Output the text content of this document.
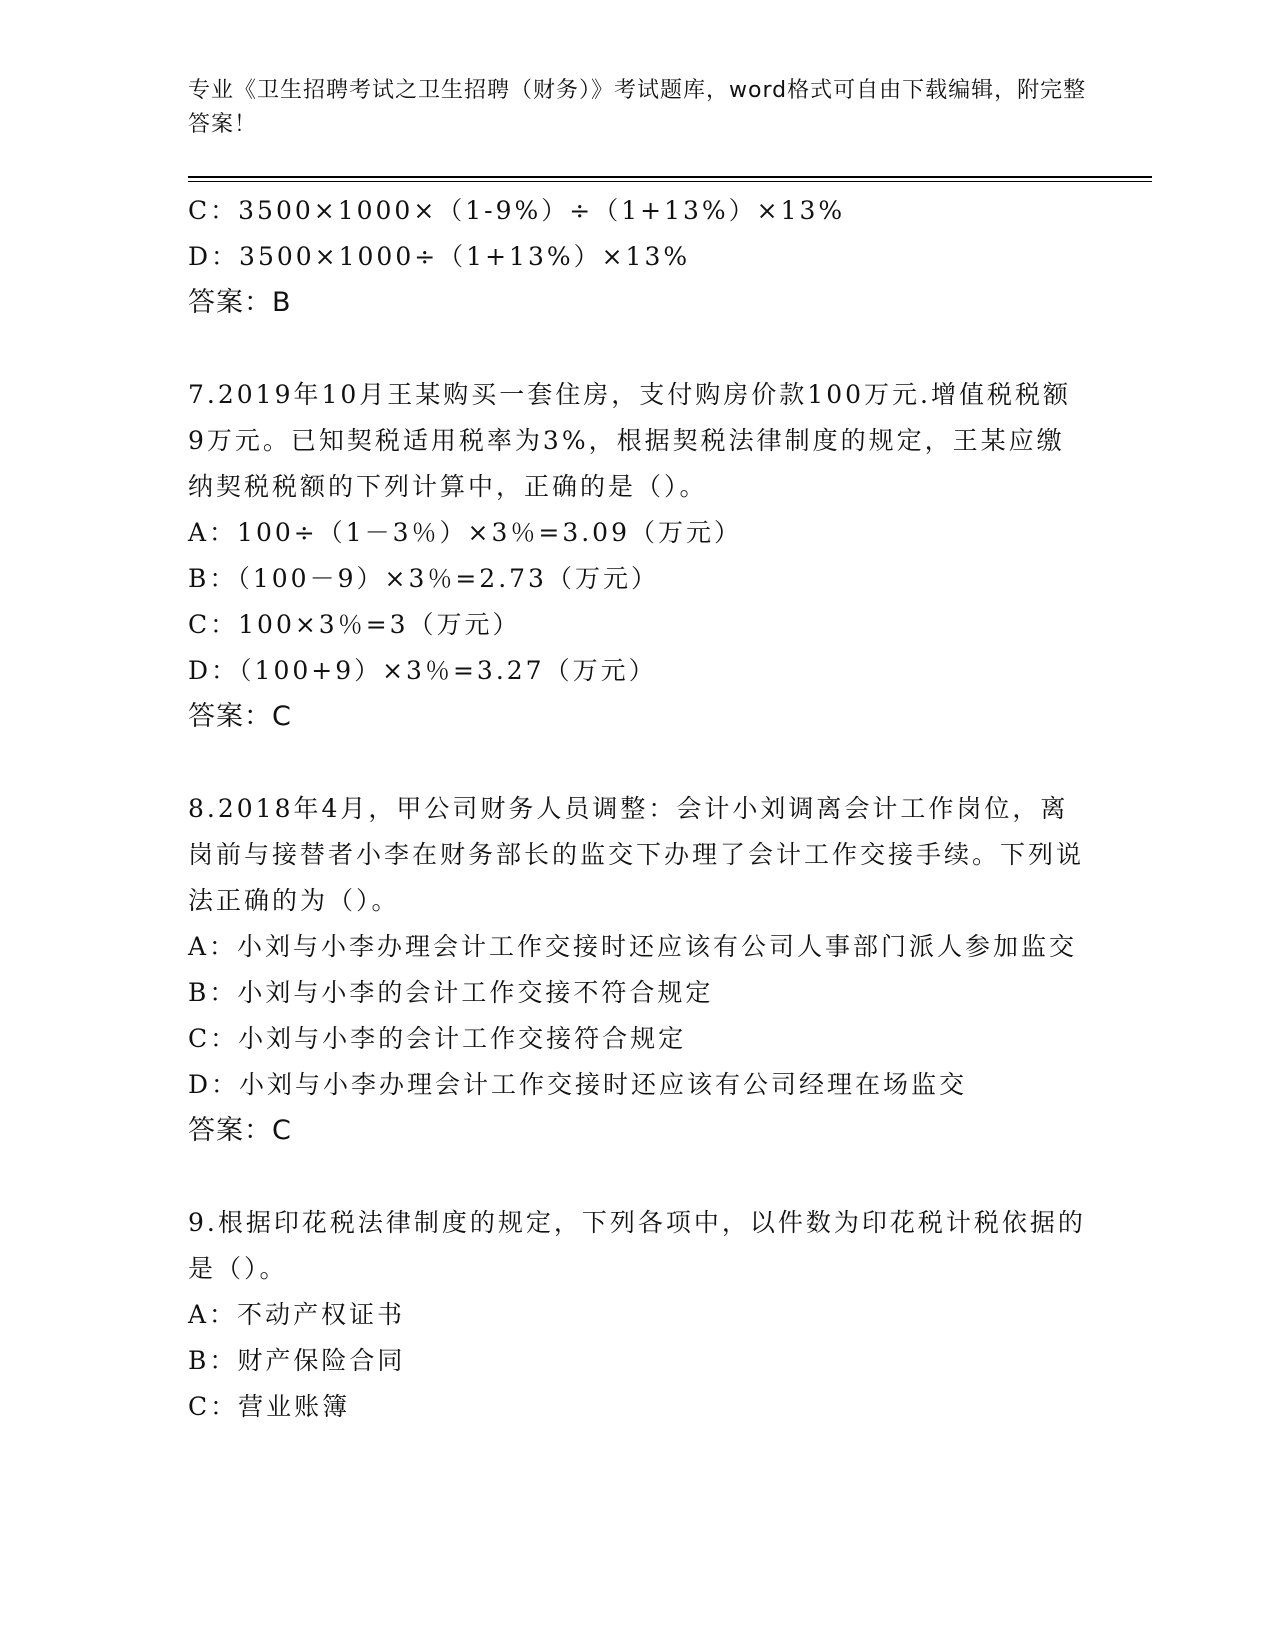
专业《卫生招聘考试之卫生招聘（财务）》考试题库，word格式可自由下载编辑，附完整答案！

C：3500×1000×（1-9%）÷（1+13%）×13%

D：3500×1000÷（1+13%）×13%

答案：B

7.2019年10月王某购买一套住房，支付购房价款100万元.增值税税额9万元。已知契税适用税率为3%，根据契税法律制度的规定，王某应缴纳契税税额的下列计算中，正确的是（）。

A：100÷（1－3％）×3％=3.09（万元）

B：（100－9）×3％=2.73（万元）

C：100×3％=3（万元）

D：（100+9）×3％=3.27（万元）

答案：C

8.2018年4月，甲公司财务人员调整：会计小刘调离会计工作岗位，离岗前与接替者小李在财务部长的监交下办理了会计工作交接手续。下列说法正确的为（）。

A：小刘与小李办理会计工作交接时还应该有公司人事部门派人参加监交

B：小刘与小李的会计工作交接不符合规定

C：小刘与小李的会计工作交接符合规定

D：小刘与小李办理会计工作交接时还应该有公司经理在场监交

答案：C

9.根据印花税法律制度的规定，下列各项中，以件数为印花税计税依据的是（）。

A：不动产权证书

B：财产保险合同

C：营业账簿
